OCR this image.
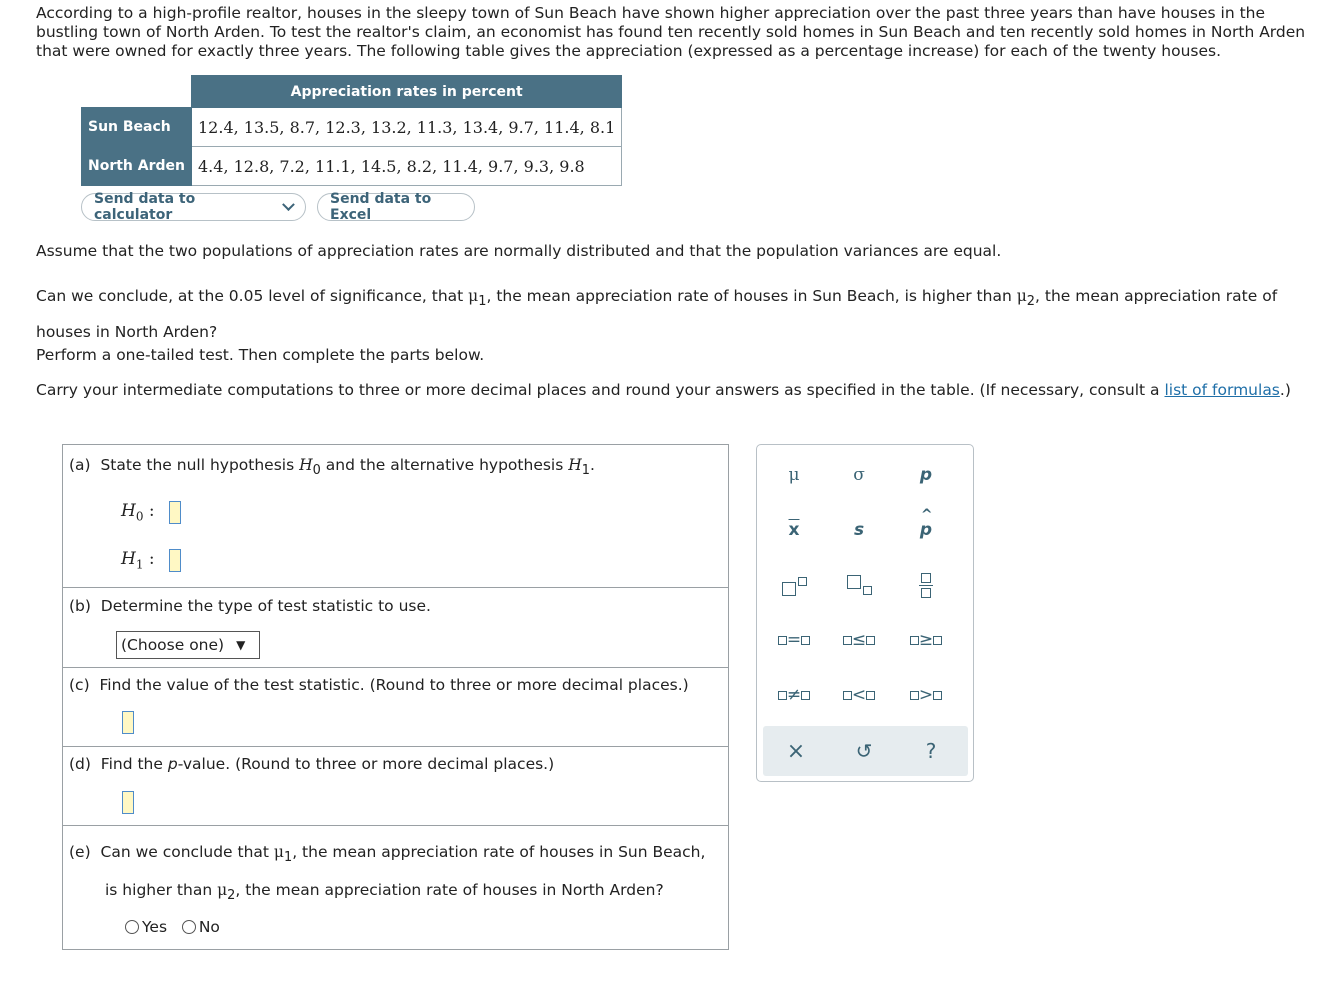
According to a high-profile realtor, houses in the sleepy town of Sun Beach have shown higher appreciation over the past three years than have houses in the bustling town of North Arden. To test the realtor's claim, an economist has found ten recently sold homes in Sun Beach and ten recently sold homes in North Arden that were owned for exactly three years. The following table gives the appreciation (expressed as a percentage increase) for each of the twenty houses.
	Appreciation rates in percent
Sun Beach	12.4, 13.5, 8.7, 12.3, 13.2, 11.3, 13.4, 9.7, 11.4, 8.1
North Arden	4.4, 12.8, 7.2, 11.1, 14.5, 8.2, 11.4, 9.7, 9.3, 9.8
Send data to calculator
Send data to Excel
Assume that the two populations of appreciation rates are normally distributed and that the population variances are equal.
Can we conclude, at the 0.05 level of significance, that $\mu_1$, the mean appreciation rate of houses in Sun Beach, is higher than $\mu_2$, the mean appreciation rate of houses in North Arden?
Perform a one-tailed test. Then complete the parts below.
Carry your intermediate computations to three or more decimal places and round your answers as specified in the table. (If necessary, consult a list of formulas.)
(a) State the null hypothesis $H_0$ and the alternative hypothesis $H_1$.
$H_0$ :
$H_1$ :
(b) Determine the type of test statistic to use.
(Choose one) ▼
(c) Find the value of the test statistic. (Round to three or more decimal places.)
(d) Find the p-value. (Round to three or more decimal places.)
(e) Can we conclude that $\mu_1$, the mean appreciation rate of houses in Sun Beach,
is higher than $\mu_2$, the mean appreciation rate of houses in North Arden?
Yes No
μ	σ	p
$\overline{x}$	s
^
p
=	≤	≥
≠	<	>
×	↺	?
